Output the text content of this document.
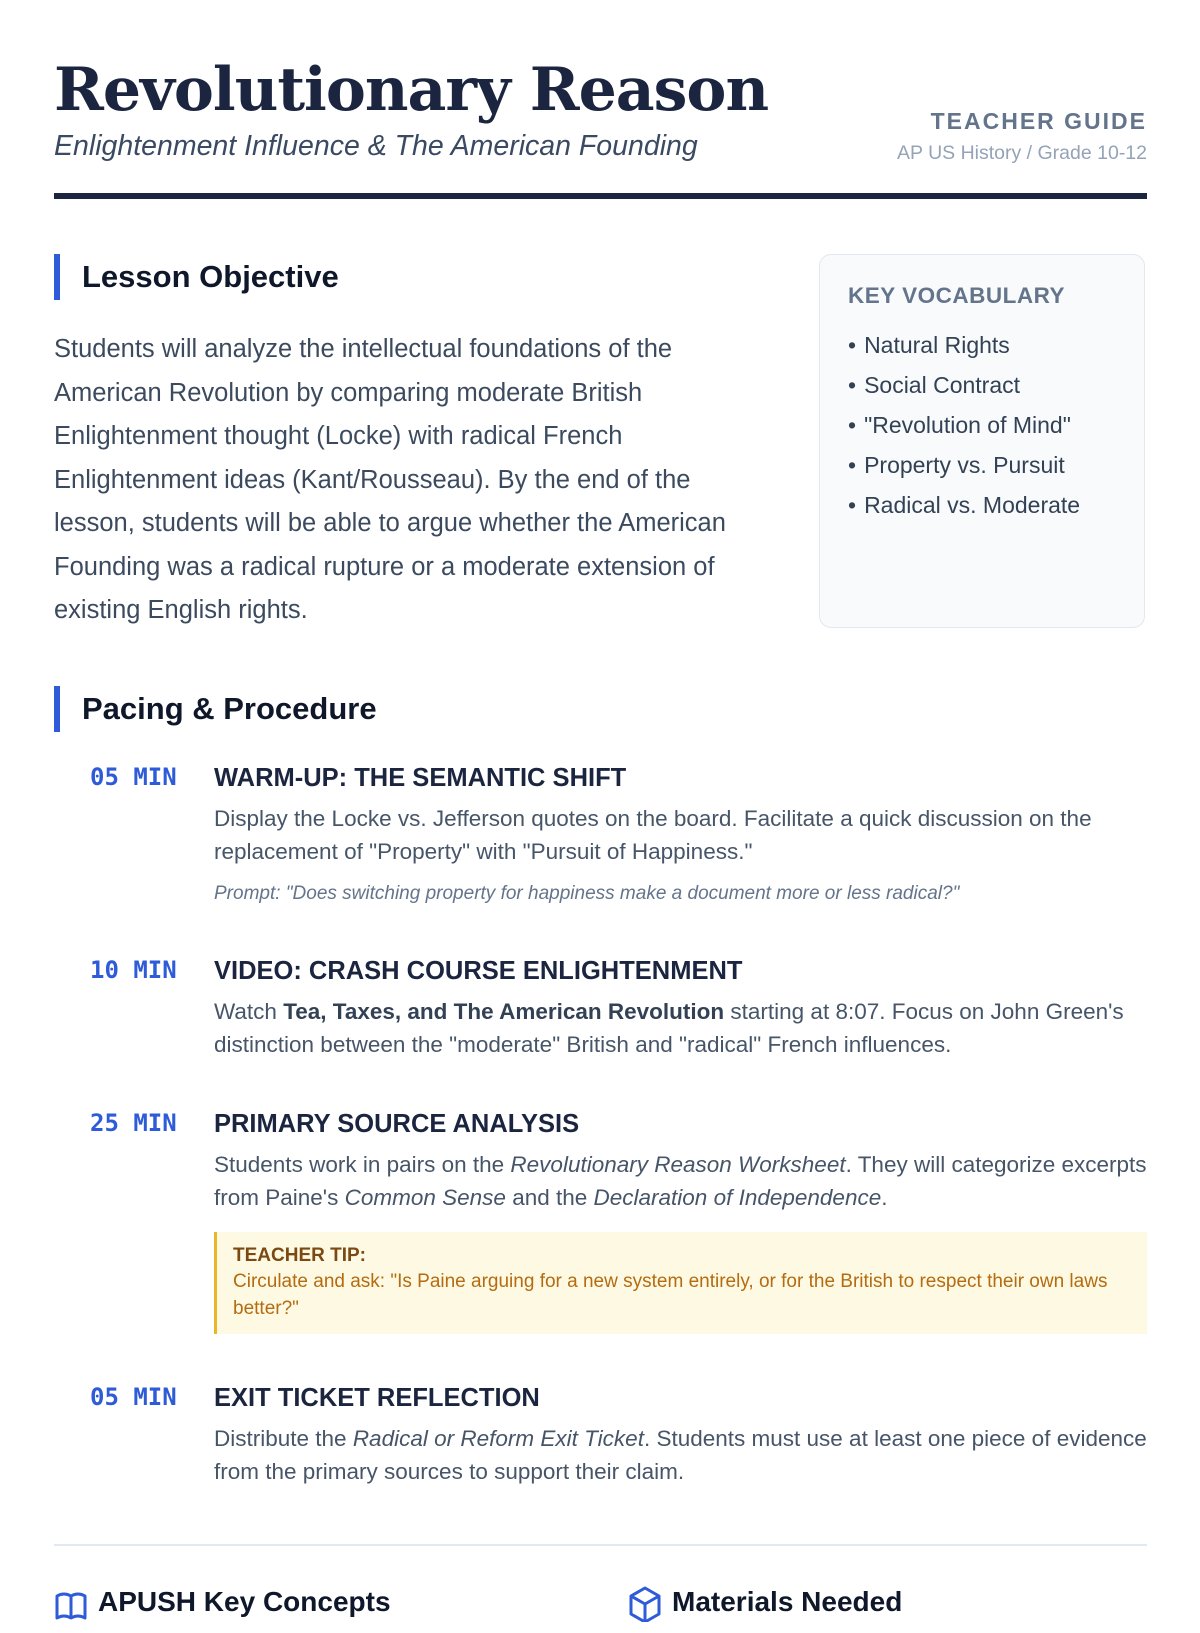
Revolutionary Reason
Enlightenment Influence & The American Founding
TEACHER GUIDE
AP US History / Grade 10-12
Lesson Objective
Students will analyze the intellectual foundations of the American Revolution by comparing moderate British Enlightenment thought (Locke) with radical French Enlightenment ideas (Kant/Rousseau). By the end of the lesson, students will be able to argue whether the American Founding was a radical rupture or a moderate extension of existing English rights.
KEY VOCABULARY
• Natural Rights
• Social Contract
• "Revolution of Mind"
• Property vs. Pursuit
• Radical vs. Moderate
Pacing & Procedure
05 MIN WARM-UP: THE SEMANTIC SHIFT

Display the Locke vs. Jefferson quotes on the board. Facilitate a quick discussion on the replacement of "Property" with "Pursuit of Happiness."

Prompt: "Does switching property for happiness make a document more or less radical?"

10 MIN VIDEO: CRASH COURSE ENLIGHTENMENT

Watch Tea, Taxes, and The American Revolution starting at 8:07. Focus on John Green's distinction between the "moderate" British and "radical" French influences.

25 MIN PRIMARY SOURCE ANALYSIS

Students work in pairs on the Revolutionary Reason Worksheet. They will categorize excerpts from Paine's Common Sense and the Declaration of Independence.

TEACHER TIP:
Circulate and ask: "Is Paine arguing for a new system entirely, or for the British to respect their own laws better?"
05 MIN EXIT TICKET REFLECTION

Distribute the Radical or Reform Exit Ticket. Students must use at least one piece of evidence from the primary sources to support their claim.

APUSH Key Concepts	Materials Needed
